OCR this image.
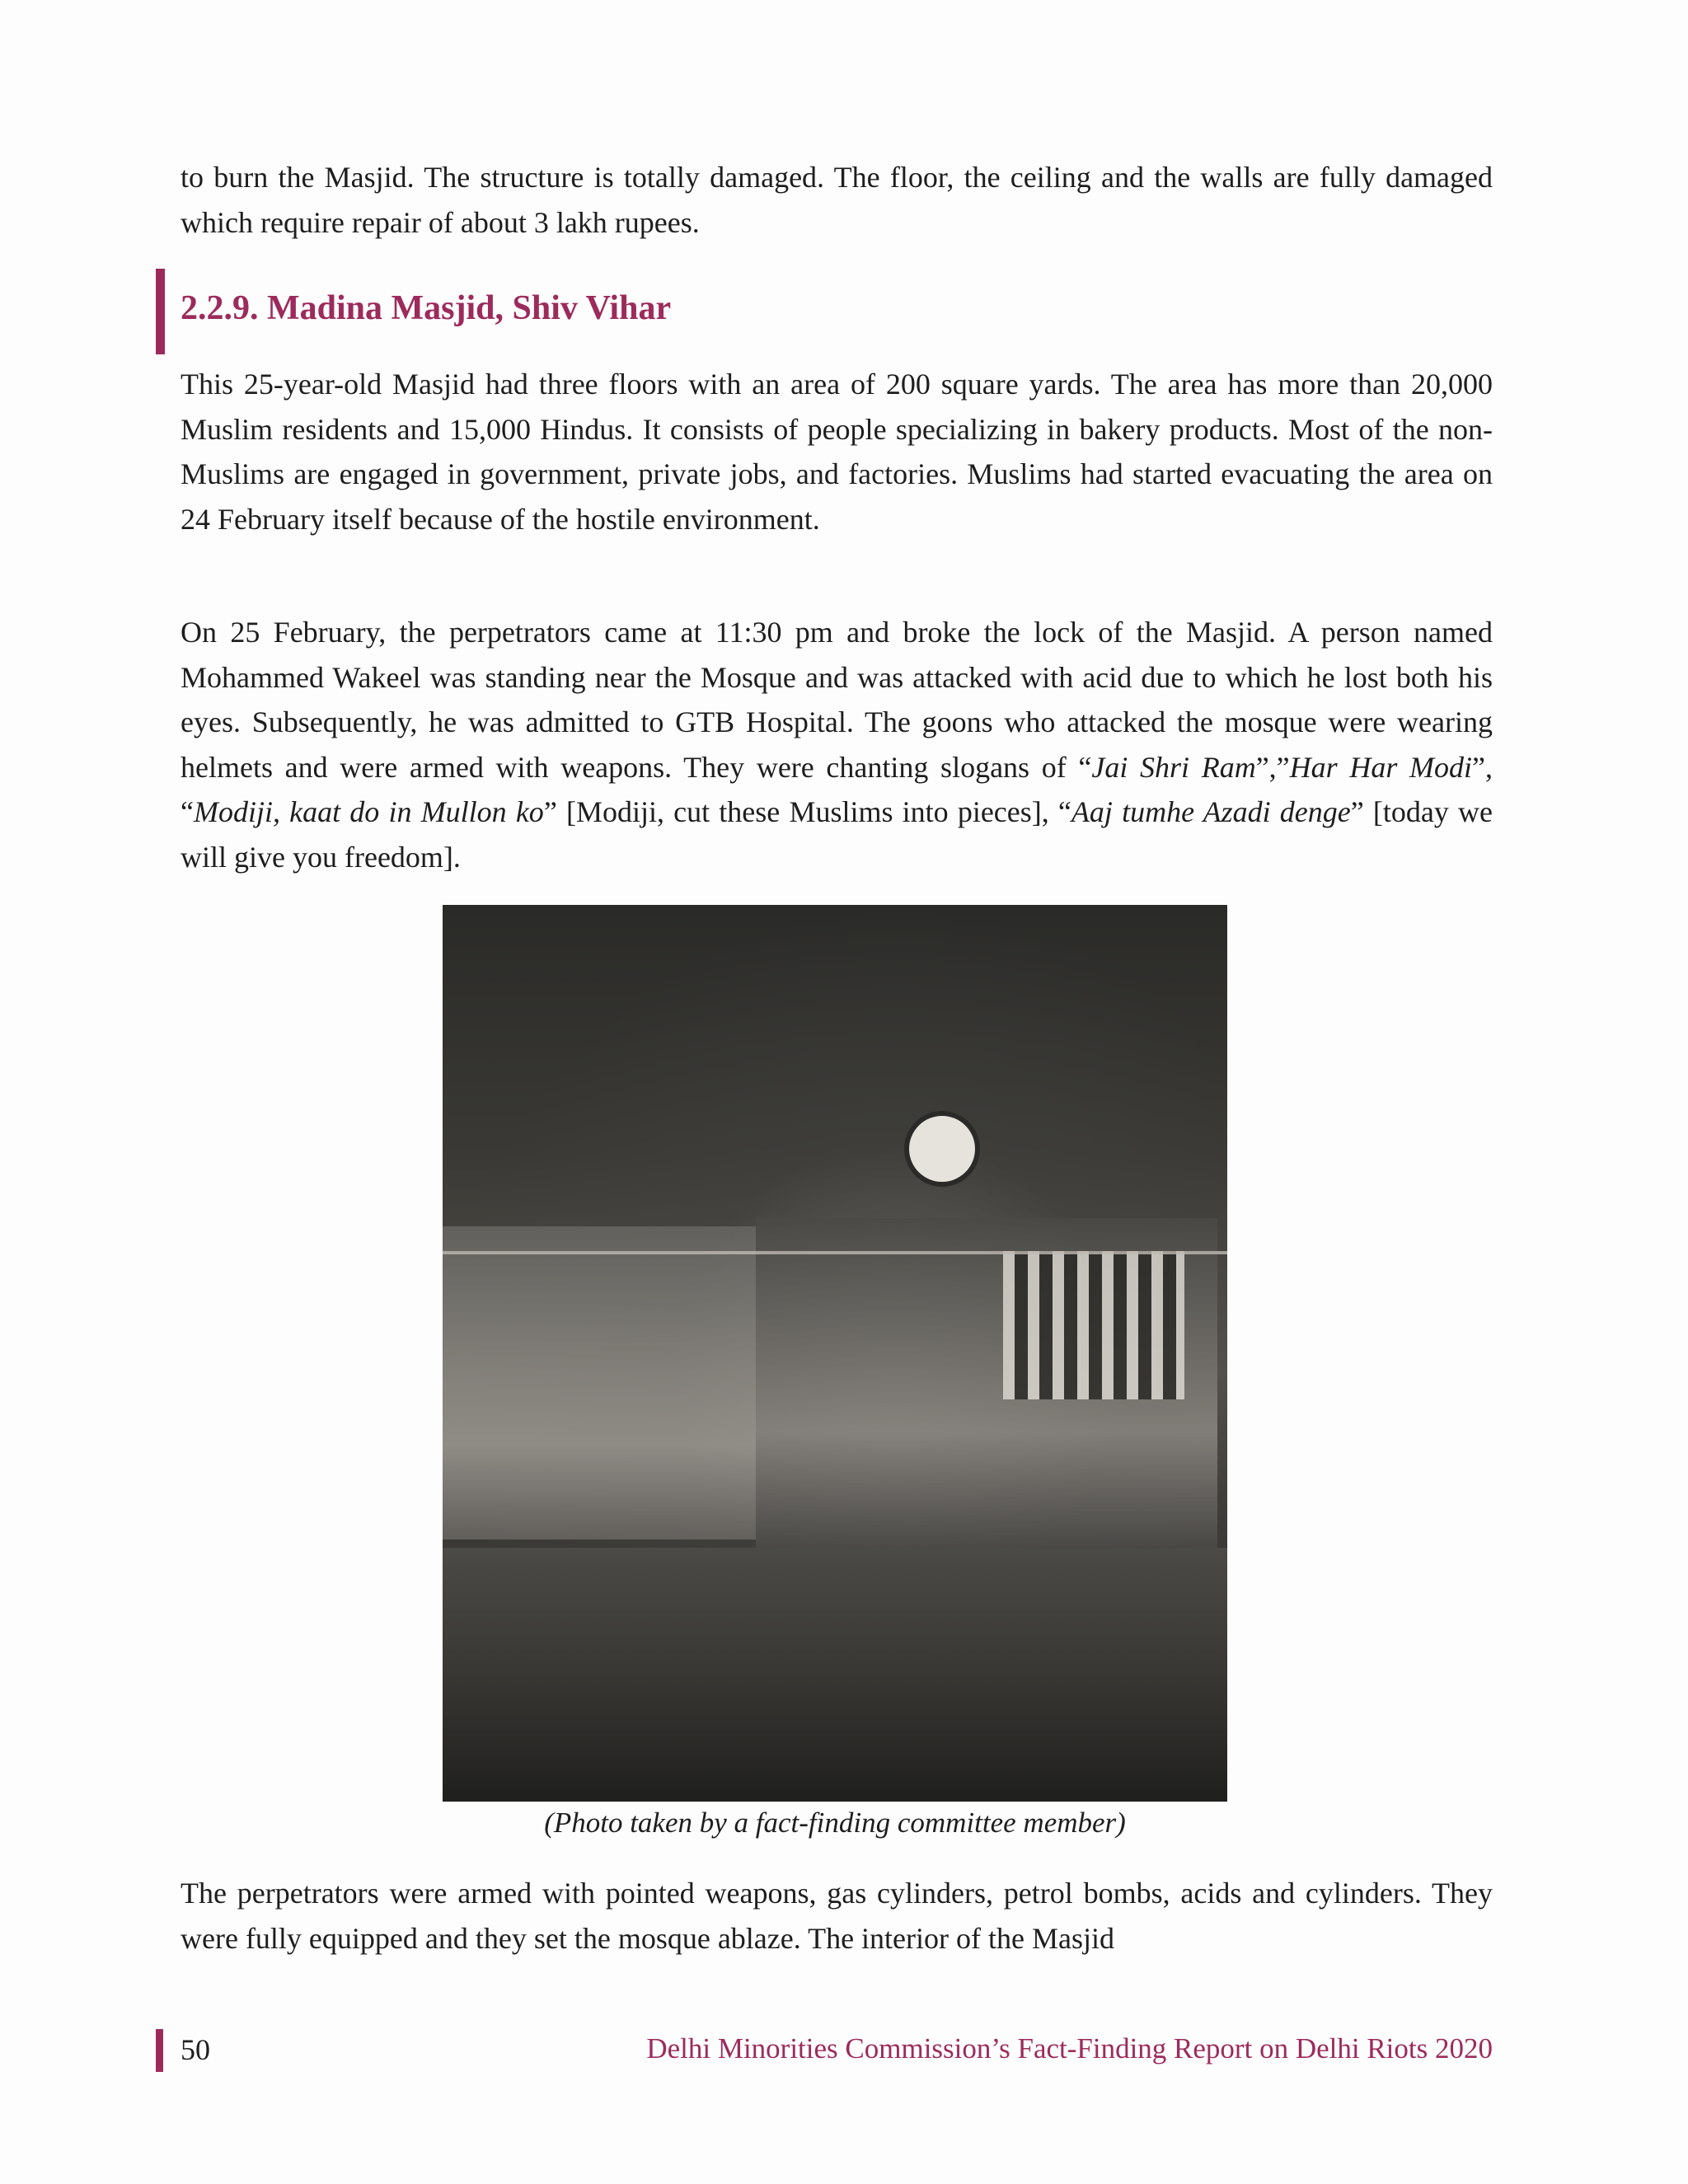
to burn the Masjid. The structure is totally damaged. The floor, the ceiling and the walls are fully damaged which require repair of about 3 lakh rupees.

2.2.9. Madina Masjid, Shiv Vihar

This 25-year-old Masjid had three floors with an area of 200 square yards. The area has more than 20,000 Muslim residents and 15,000 Hindus. It consists of people specializing in bakery products. Most of the non-Muslims are engaged in government, private jobs, and factories. Muslims had started evacuating the area on 24 February itself because of the hostile environment.

On 25 February, the perpetrators came at 11:30 pm and broke the lock of the Masjid. A person named Mohammed Wakeel was standing near the Mosque and was attacked with acid due to which he lost both his eyes. Subsequently, he was admitted to GTB Hospital. The goons who attacked the mosque were wearing helmets and were armed with weapons. They were chanting slogans of “Jai Shri Ram”,”Har Har Modi”, “Modiji, kaat do in Mullon ko” [Modiji, cut these Muslims into pieces], “Aaj tumhe Azadi denge” [today we will give you freedom].

(Photo taken by a fact-finding committee member)

The perpetrators were armed with pointed weapons, gas cylinders, petrol bombs, acids and cylinders. They were fully equipped and they set the mosque ablaze. The interior of the Masjid

50	Delhi Minorities Commission’s Fact-Finding Report on Delhi Riots 2020
